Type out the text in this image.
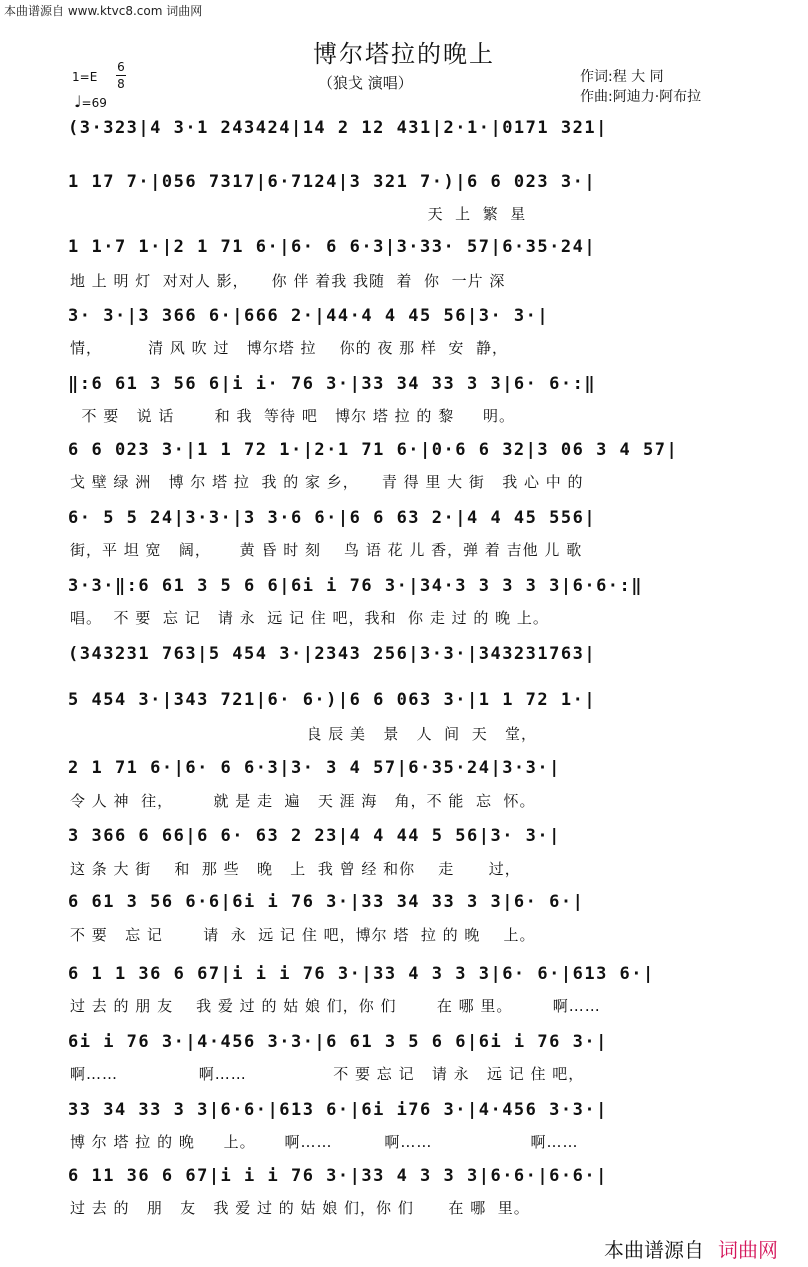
本曲谱源自 www.ktvc8.com 词曲网
博尔塔拉的晚上
（狼戈 演唱）	作词:程 大 同
作曲:阿迪力·阿布拉
1=E
6
8
♩=69
(3·323|4 3·1 243424|14 2 12 431|2·1·|0171 321|
1 17 7·|056 7317|6·7124|3 321 7·)|6 6 023 3·|
天  上  繁  星
1 1·7 1·|2 1 71 6·|6· 6 6·3|3·33· 57|6·35·24|
地 上 明 灯  对对人 影，    你 伴 着我 我随  着  你  一片 深
3· 3·|3 366 6·|666 2·|44·4 4 45 56|3· 3·|
情，        清 风 吹 过   博尔塔 拉    你的 夜 那 样  安  静，
‖:6 61 3 56 6|i i· 76 3·|33 34 33 3 3|6· 6·:‖
不 要   说 话       和 我  等待 吧   博尔 塔 拉 的 黎     明。
6 6 023 3·|1 1 72 1·|2·1 71 6·|0·6 6 32|3 06 3 4 57|
戈 壁 绿 洲   博 尔 塔 拉  我 的 家 乡，    青 得 里 大 街   我 心 中 的
6· 5 5 24|3·3·|3 3·6 6·|6 6 63 2·|4 4 45 556|
街，平 坦 宽   阔，     黄 昏 时 刻    鸟 语 花 儿 香，弹 着 吉他 儿 歌
3·3·‖:6 61 3 5 6 6|6i i 76 3·|34·3 3 3 3 3|6·6·:‖
唱。  不 要  忘 记   请 永  远 记 住 吧，我和  你 走 过 的 晚 上。
(343231 763|5 454 3·|2343 256|3·3·|343231763|
5 454 3·|343 721|6· 6·)|6 6 063 3·|1 1 72 1·|
良 辰 美   景   人  间  天   堂，
2 1 71 6·|6· 6 6·3|3· 3 4 57|6·35·24|3·3·|
令 人 神  往，       就 是 走  遍   天 涯 海   角，不 能  忘  怀。
3 366 6 66|6 6· 63 2 23|4 4 44 5 56|3· 3·|
这 条 大 街    和  那 些   晚   上  我 曾 经 和你    走      过，
6 61 3 56 6·6|6i i 76 3·|33 34 33 3 3|6· 6·|
不 要   忘 记       请  永  远 记 住 吧，博尔 塔  拉 的 晚    上。
6 1 1 36 6 67|i i i 76 3·|33 4 3 3 3|6· 6·|613 6·|
过 去 的 朋 友    我 爱 过 的 姑 娘 们，你 们       在 哪 里。       啊……
6i i 76 3·|4·456 3·3·|6 61 3 5 6 6|6i i 76 3·|
啊……              啊……               不 要 忘 记   请 永   远 记 住 吧，
33 34 33 3 3|6·6·|613 6·|6i i76 3·|4·456 3·3·|
博 尔 塔 拉 的 晚     上。     啊……         啊……                 啊……
6 11 36 6 67|i i i 76 3·|33 4 3 3 3|6·6·|6·6·|
过 去 的   朋   友   我 爱 过 的 姑 娘 们，你 们      在 哪  里。
本曲谱源自 词曲网
